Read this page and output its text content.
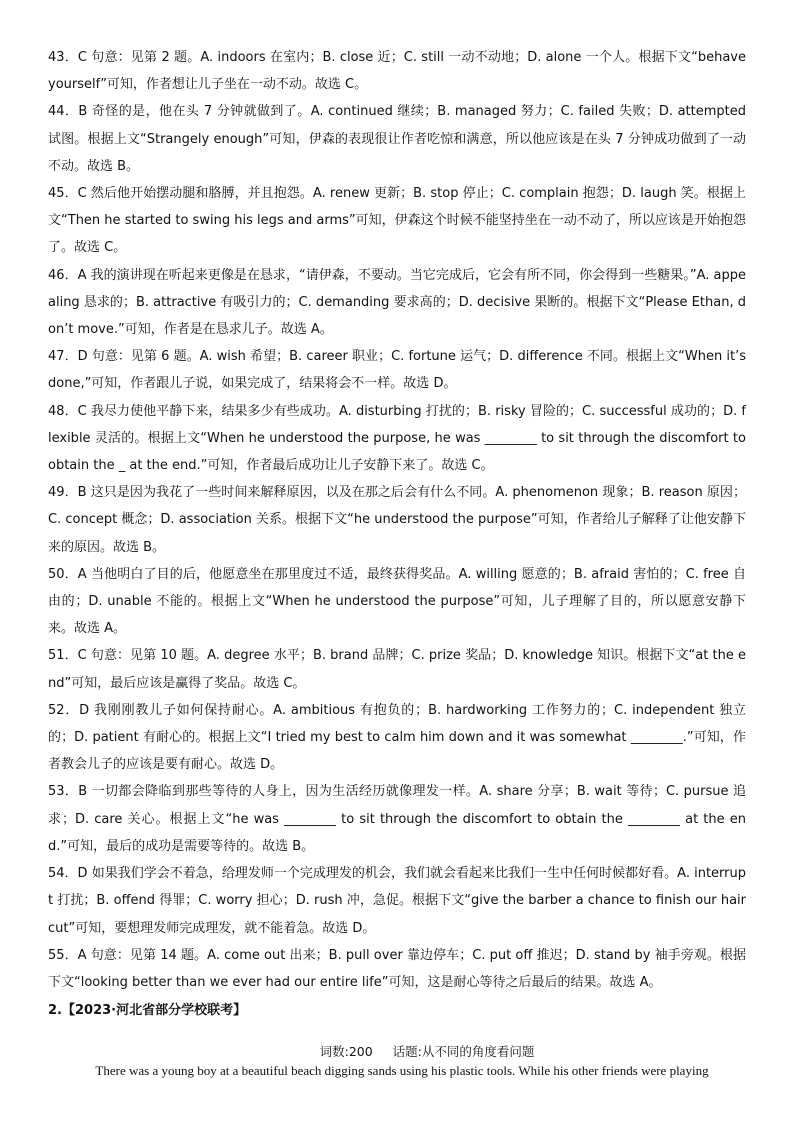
43．C 句意：见第 2 题。A. indoors 在室内；B. close 近；C. still 一动不动地；D. alone 一个人。根据下文“behave yourself”可知，作者想让儿子坐在一动不动。故选 C。

44．B 奇怪的是，他在头 7 分钟就做到了。A. continued 继续；B. managed 努力；C. failed 失败；D. attempted 试图。根据上文“Strangely enough”可知，伊森的表现很让作者吃惊和满意，所以他应该是在头 7 分钟成功做到了一动不动。故选 B。

45．C 然后他开始摆动腿和胳膊，并且抱怨。A. renew 更新；B. stop 停止；C. complain 抱怨；D. laugh 笑。根据上文“Then he started to swing his legs and arms”可知，伊森这个时候不能坚持坐在一动不动了，所以应该是开始抱怨了。故选 C。

46．A 我的演讲现在听起来更像是在恳求，“请伊森，不要动。当它完成后，它会有所不同，你会得到一些糖果。”A. appealing 恳求的；B. attractive 有吸引力的；C. demanding 要求高的；D. decisive 果断的。根据下文“Please Ethan, don’t move.”可知，作者是在恳求儿子。故选 A。

47．D 句意：见第 6 题。A. wish 希望；B. career 职业；C. fortune 运气；D. difference 不同。根据上文“When it’s done,”可知，作者跟儿子说，如果完成了，结果将会不一样。故选 D。

48．C 我尽力使他平静下来，结果多少有些成功。A. disturbing 打扰的；B. risky 冒险的；C. successful 成功的；D. flexible 灵活的。根据上文“When he understood the purpose, he was ________ to sit through the discomfort to obtain the _ at the end.”可知，作者最后成功让儿子安静下来了。故选 C。

49．B 这只是因为我花了一些时间来解释原因，以及在那之后会有什么不同。A. phenomenon 现象；B. reason 原因；C. concept 概念；D. association 关系。根据下文“he understood the purpose”可知，作者给儿子解释了让他安静下来的原因。故选 B。

50．A 当他明白了目的后，他愿意坐在那里度过不适，最终获得奖品。A. willing 愿意的；B. afraid 害怕的；C. free 自由的；D. unable 不能的。根据上文“When he understood the purpose”可知，儿子理解了目的，所以愿意安静下来。故选 A。

51．C 句意：见第 10 题。A. degree 水平；B. brand 品牌；C. prize 奖品；D. knowledge 知识。根据下文“at the end”可知，最后应该是赢得了奖品。故选 C。

52．D 我刚刚教儿子如何保持耐心。A. ambitious 有抱负的；B. hardworking 工作努力的；C. independent 独立的；D. patient 有耐心的。根据上文“I tried my best to calm him down and it was somewhat ________.”可知，作者教会儿子的应该是要有耐心。故选 D。

53．B 一切都会降临到那些等待的人身上，因为生活经历就像理发一样。A. share 分享；B. wait 等待；C. pursue 追求；D. care 关心。根据上文“he was ________ to sit through the discomfort to obtain the ________ at the end.”可知，最后的成功是需要等待的。故选 B。

54．D 如果我们学会不着急，给理发师一个完成理发的机会，我们就会看起来比我们一生中任何时候都好看。A. interrupt 打扰；B. offend 得罪；C. worry 担心；D. rush 冲，急促。根据下文“give the barber a chance to finish our haircut”可知，要想理发师完成理发，就不能着急。故选 D。

55．A 句意：见第 14 题。A. come out 出来；B. pull over 靠边停车；C. put off 推迟；D. stand by 袖手旁观。根据下文“looking better than we ever had our entire life”可知，这是耐心等待之后最后的结果。故选 A。

2.【2023·河北省部分学校联考】
词数:200 话题:从不同的角度看问题
There was a young boy at a beautiful beach digging sands using his plastic tools. While his other friends were playing
